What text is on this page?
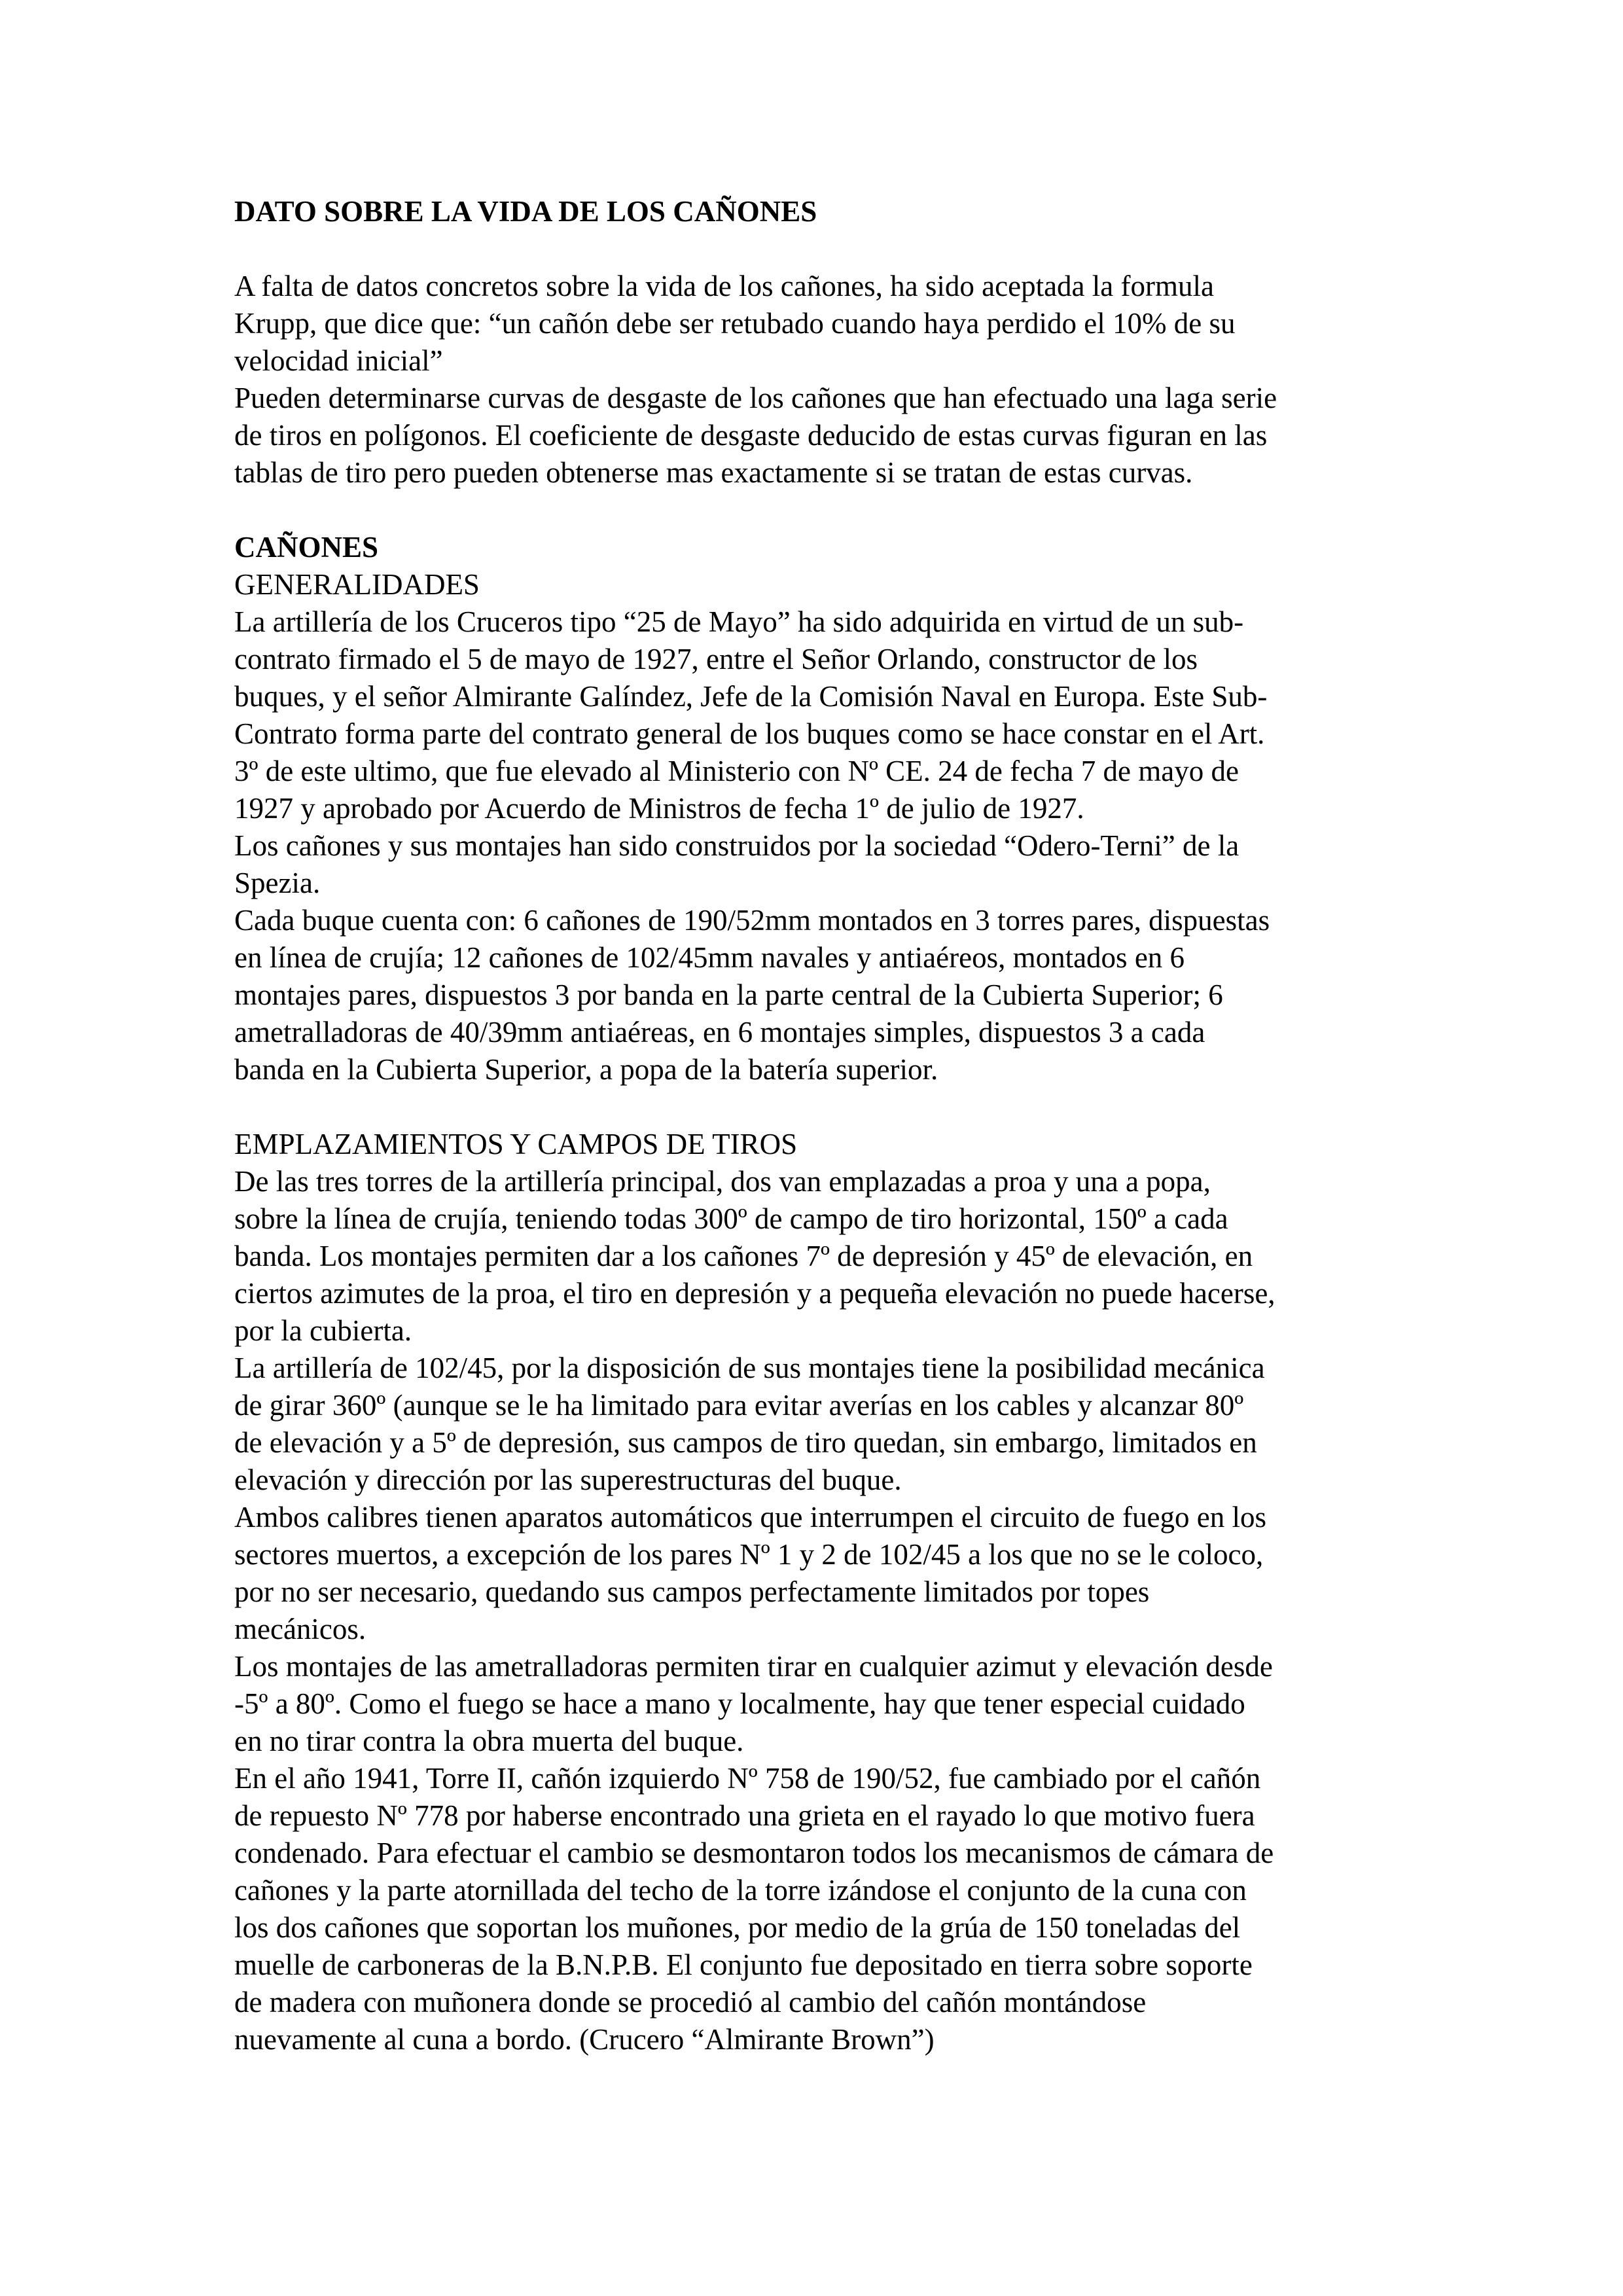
DATO SOBRE LA VIDA DE LOS CAÑONES
A falta de datos concretos sobre la vida de los cañones, ha sido aceptada la formula
Krupp, que dice que: “un cañón debe ser retubado cuando haya perdido el 10% de su
velocidad inicial”
Pueden determinarse curvas de desgaste de los cañones que han efectuado una laga serie
de tiros en polígonos. El coeficiente de desgaste deducido de estas curvas figuran en las
tablas de tiro pero pueden obtenerse mas exactamente si se tratan de estas curvas.
CAÑONES
GENERALIDADES
La artillería de los Cruceros tipo “25 de Mayo” ha sido adquirida en virtud de un sub-
contrato firmado el 5 de mayo de 1927, entre el Señor Orlando, constructor de los
buques, y el señor Almirante Galíndez, Jefe de la Comisión Naval en Europa. Este Sub-
Contrato forma parte del contrato general de los buques como se hace constar en el Art.
3º de este ultimo, que fue elevado al Ministerio con Nº CE. 24 de fecha 7 de mayo de
1927 y aprobado por Acuerdo de Ministros de fecha 1º de julio de 1927.
Los cañones y sus montajes han sido construidos por la sociedad “Odero-Terni” de la
Spezia.
Cada buque cuenta con: 6 cañones de 190/52mm montados en 3 torres pares, dispuestas
en línea de crujía; 12 cañones de 102/45mm navales y antiaéreos, montados en 6
montajes pares, dispuestos 3 por banda en la parte central de la Cubierta Superior; 6
ametralladoras de 40/39mm antiaéreas, en 6 montajes simples, dispuestos 3 a cada
banda en la Cubierta Superior, a popa de la batería superior.
EMPLAZAMIENTOS Y CAMPOS DE TIROS
De las tres torres de la artillería principal, dos van emplazadas a proa y una a popa,
sobre la línea de crujía, teniendo todas 300º de campo de tiro horizontal, 150º a cada
banda. Los montajes permiten dar a los cañones 7º de depresión y 45º de elevación, en
ciertos azimutes de la proa, el tiro en depresión y a pequeña elevación no puede hacerse,
por la cubierta.
La artillería de 102/45, por la disposición de sus montajes tiene la posibilidad mecánica
de girar 360º (aunque se le ha limitado para evitar averías en los cables y alcanzar 80º
de elevación y a 5º de depresión, sus campos de tiro quedan, sin embargo, limitados en
elevación y dirección por las superestructuras del buque.
Ambos calibres tienen aparatos automáticos que interrumpen el circuito de fuego en los
sectores muertos, a excepción de los pares Nº 1 y 2 de 102/45 a los que no se le coloco,
por no ser necesario, quedando sus campos perfectamente limitados por topes
mecánicos.
Los montajes de las ametralladoras permiten tirar en cualquier azimut y elevación desde
-5º a 80º. Como el fuego se hace a mano y localmente, hay que tener especial cuidado
en no tirar contra la obra muerta del buque.
En el año 1941, Torre II, cañón izquierdo Nº 758 de 190/52, fue cambiado por el cañón
de repuesto Nº 778 por haberse encontrado una grieta en el rayado lo que motivo fuera
condenado. Para efectuar el cambio se desmontaron todos los mecanismos de cámara de
cañones y la parte atornillada del techo de la torre izándose el conjunto de la cuna con
los dos cañones que soportan los muñones, por medio de la grúa de 150 toneladas del
muelle de carboneras de la B.N.P.B. El conjunto fue depositado en tierra sobre soporte
de madera con muñonera donde se procedió al cambio del cañón montándose
nuevamente al cuna a bordo. (Crucero “Almirante Brown”)
